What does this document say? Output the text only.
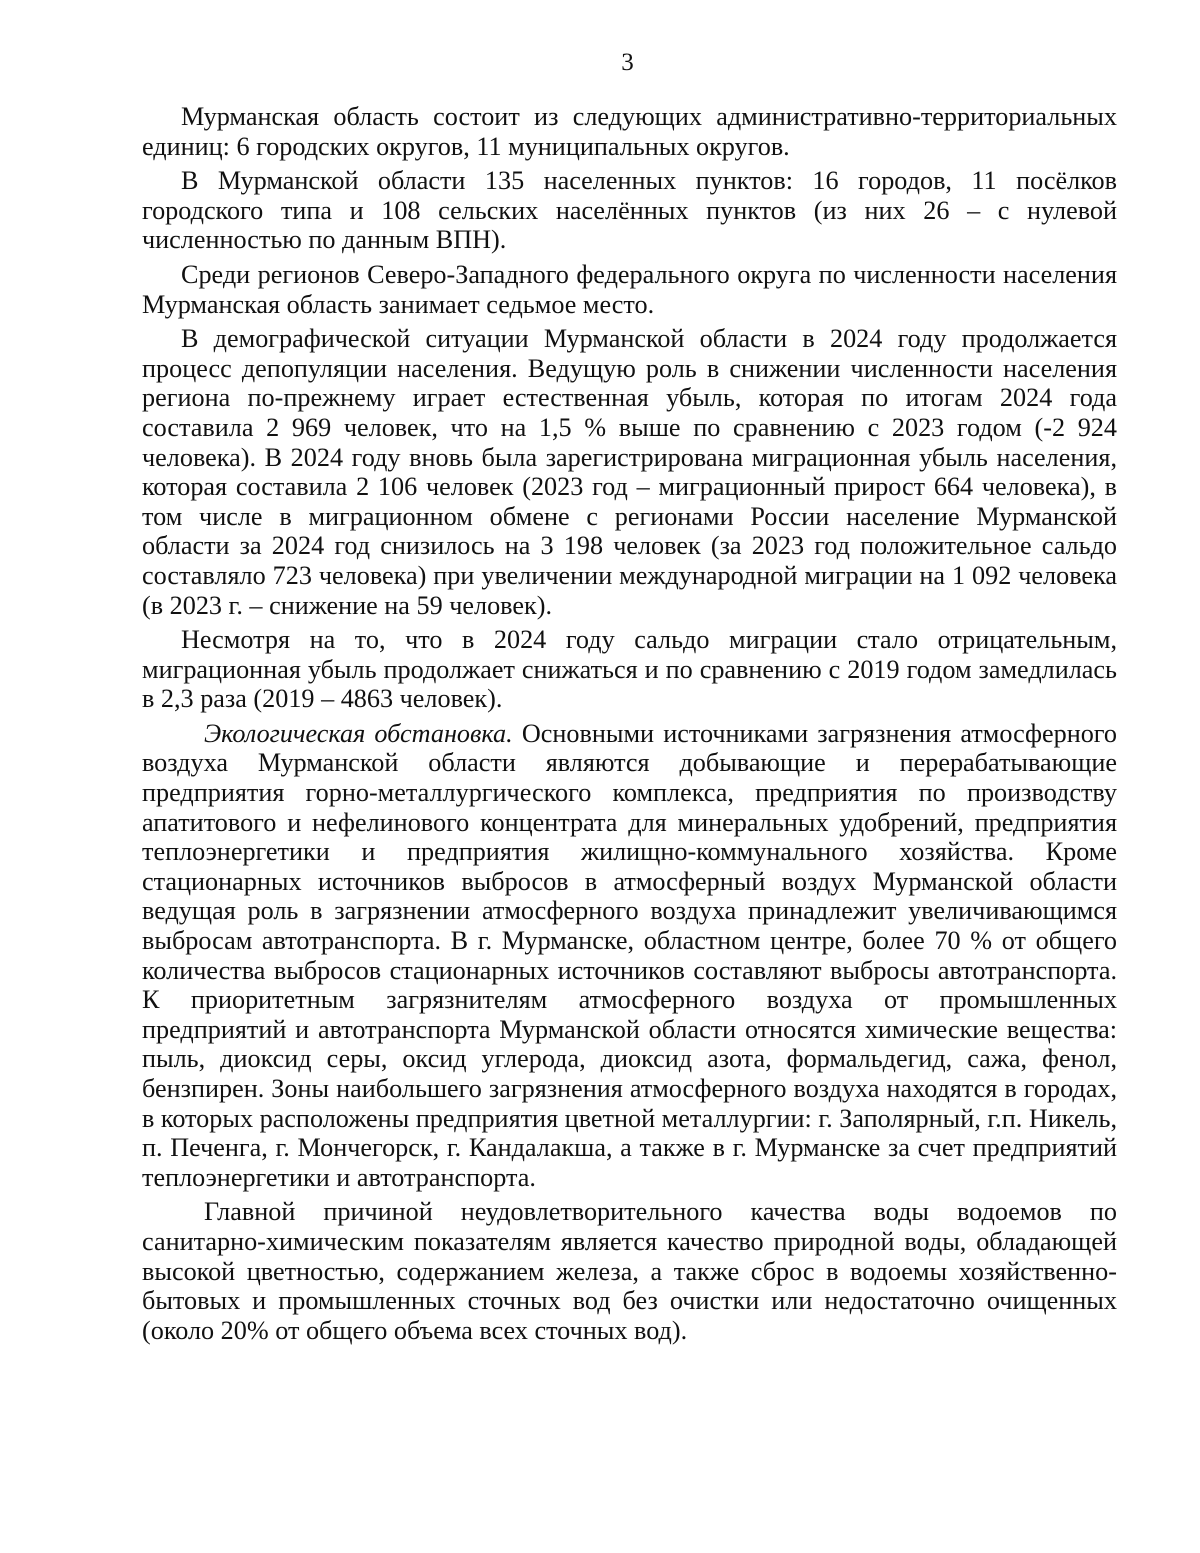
3

Мурманская область состоит из следующих административно-территориальных единиц: 6 городских округов, 11 муниципальных округов.

В Мурманской области 135 населенных пунктов: 16 городов, 11 посёлков городского типа и 108 сельских населённых пунктов (из них 26 – с нулевой численностью по данным ВПН).

Среди регионов Северо-Западного федерального округа по численности населения Мурманская область занимает седьмое место.

В демографической ситуации Мурманской области в 2024 году продолжается процесс депопуляции населения. Ведущую роль в снижении численности населения региона по-прежнему играет естественная убыль, которая по итогам 2024 года составила 2 969 человек, что на 1,5 % выше по сравнению с 2023 годом (-2 924 человека). В 2024 году вновь была зарегистрирована миграционная убыль населения, которая составила 2 106 человек (2023 год – миграционный прирост 664 человека), в том числе в миграционном обмене с регионами России население Мурманской области за 2024 год снизилось на 3 198 человек (за 2023 год положительное сальдо составляло 723 человека) при увеличении международной миграции на 1 092 человека (в 2023 г. – снижение на 59 человек).

Несмотря на то, что в 2024 году сальдо миграции стало отрицательным, миграционная убыль продолжает снижаться и по сравнению с 2019 годом замедлилась в 2,3 раза (2019 – 4863 человек).

Экологическая обстановка. Основными источниками загрязнения атмосферного воздуха Мурманской области являются добывающие и перерабатывающие предприятия горно-металлургического комплекса, предприятия по производству апатитового и нефелинового концентрата для минеральных удобрений, предприятия теплоэнергетики и предприятия жилищно-коммунального хозяйства. Кроме стационарных источников выбросов в атмосферный воздух Мурманской области ведущая роль в загрязнении атмосферного воздуха принадлежит увеличивающимся выбросам автотранспорта. В г. Мурманске, областном центре, более 70 % от общего количества выбросов стационарных источников составляют выбросы автотранспорта. К приоритетным загрязнителям атмосферного воздуха от промышленных предприятий и автотранспорта Мурманской области относятся химические вещества: пыль, диоксид серы, оксид углерода, диоксид азота, формальдегид, сажа, фенол, бензпирен. Зоны наибольшего загрязнения атмосферного воздуха находятся в городах, в которых расположены предприятия цветной металлургии: г. Заполярный, г.п. Никель, п. Печенга, г. Мончегорск, г. Кандалакша, а также в г. Мурманске за счет предприятий теплоэнергетики и автотранспорта.

Главной причиной неудовлетворительного качества воды водоемов по санитарно-химическим показателям является качество природной воды, обладающей высокой цветностью, содержанием железа, а также сброс в водоемы хозяйственно-бытовых и промышленных сточных вод без очистки или недостаточно очищенных (около 20% от общего объема всех сточных вод).
